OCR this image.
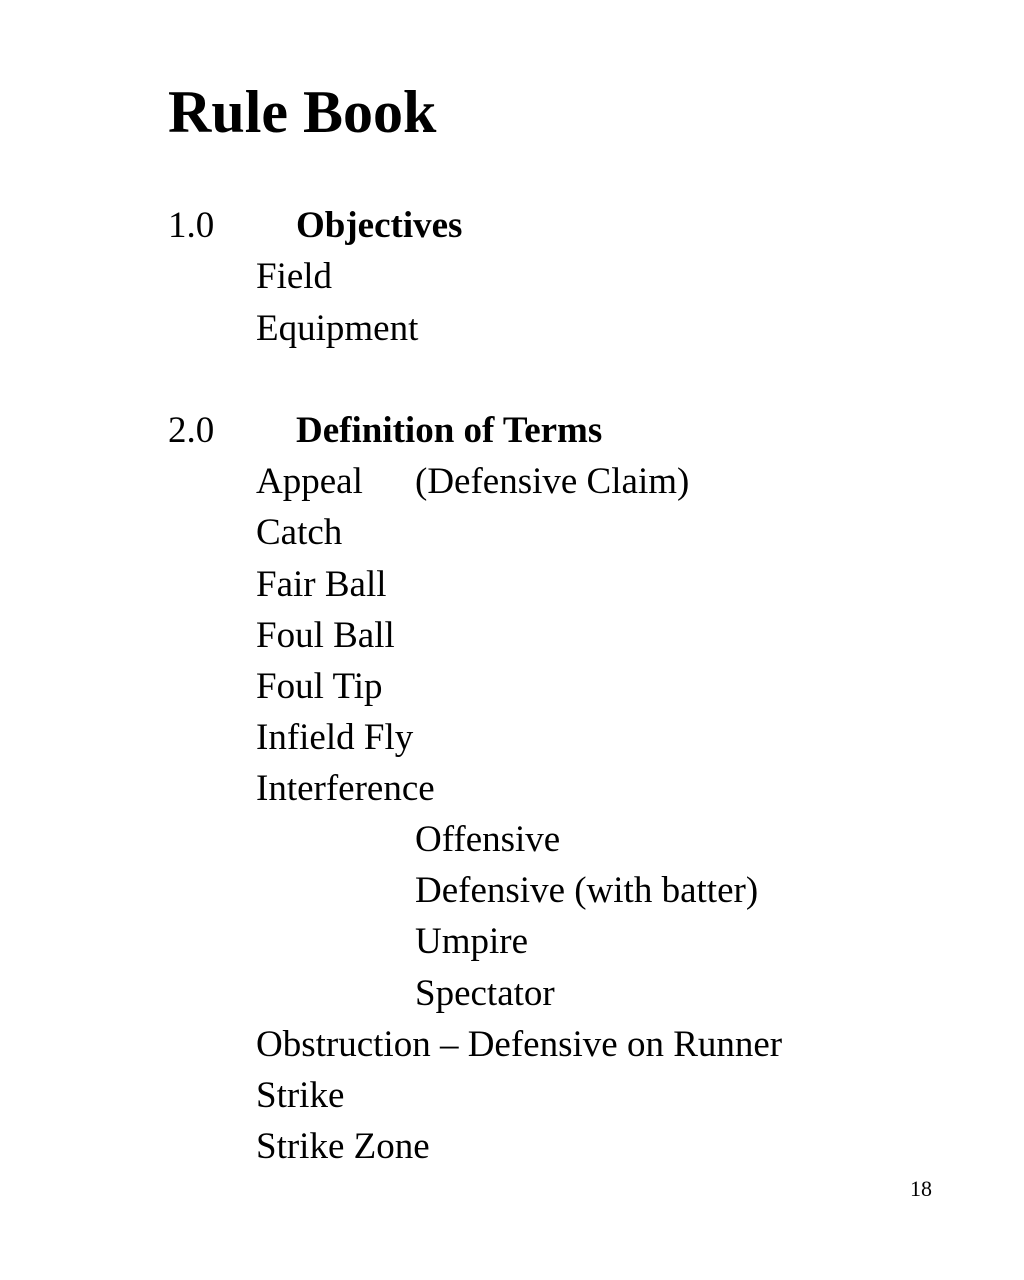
Rule Book
1.0 Objectives
Field
Equipment
2.0 Definition of Terms
Appeal (Defensive Claim)
Catch
Fair Ball
Foul Ball
Foul Tip
Infield Fly
Interference
Offensive
Defensive (with batter)
Umpire
Spectator
Obstruction – Defensive on Runner
Strike
Strike Zone
18
